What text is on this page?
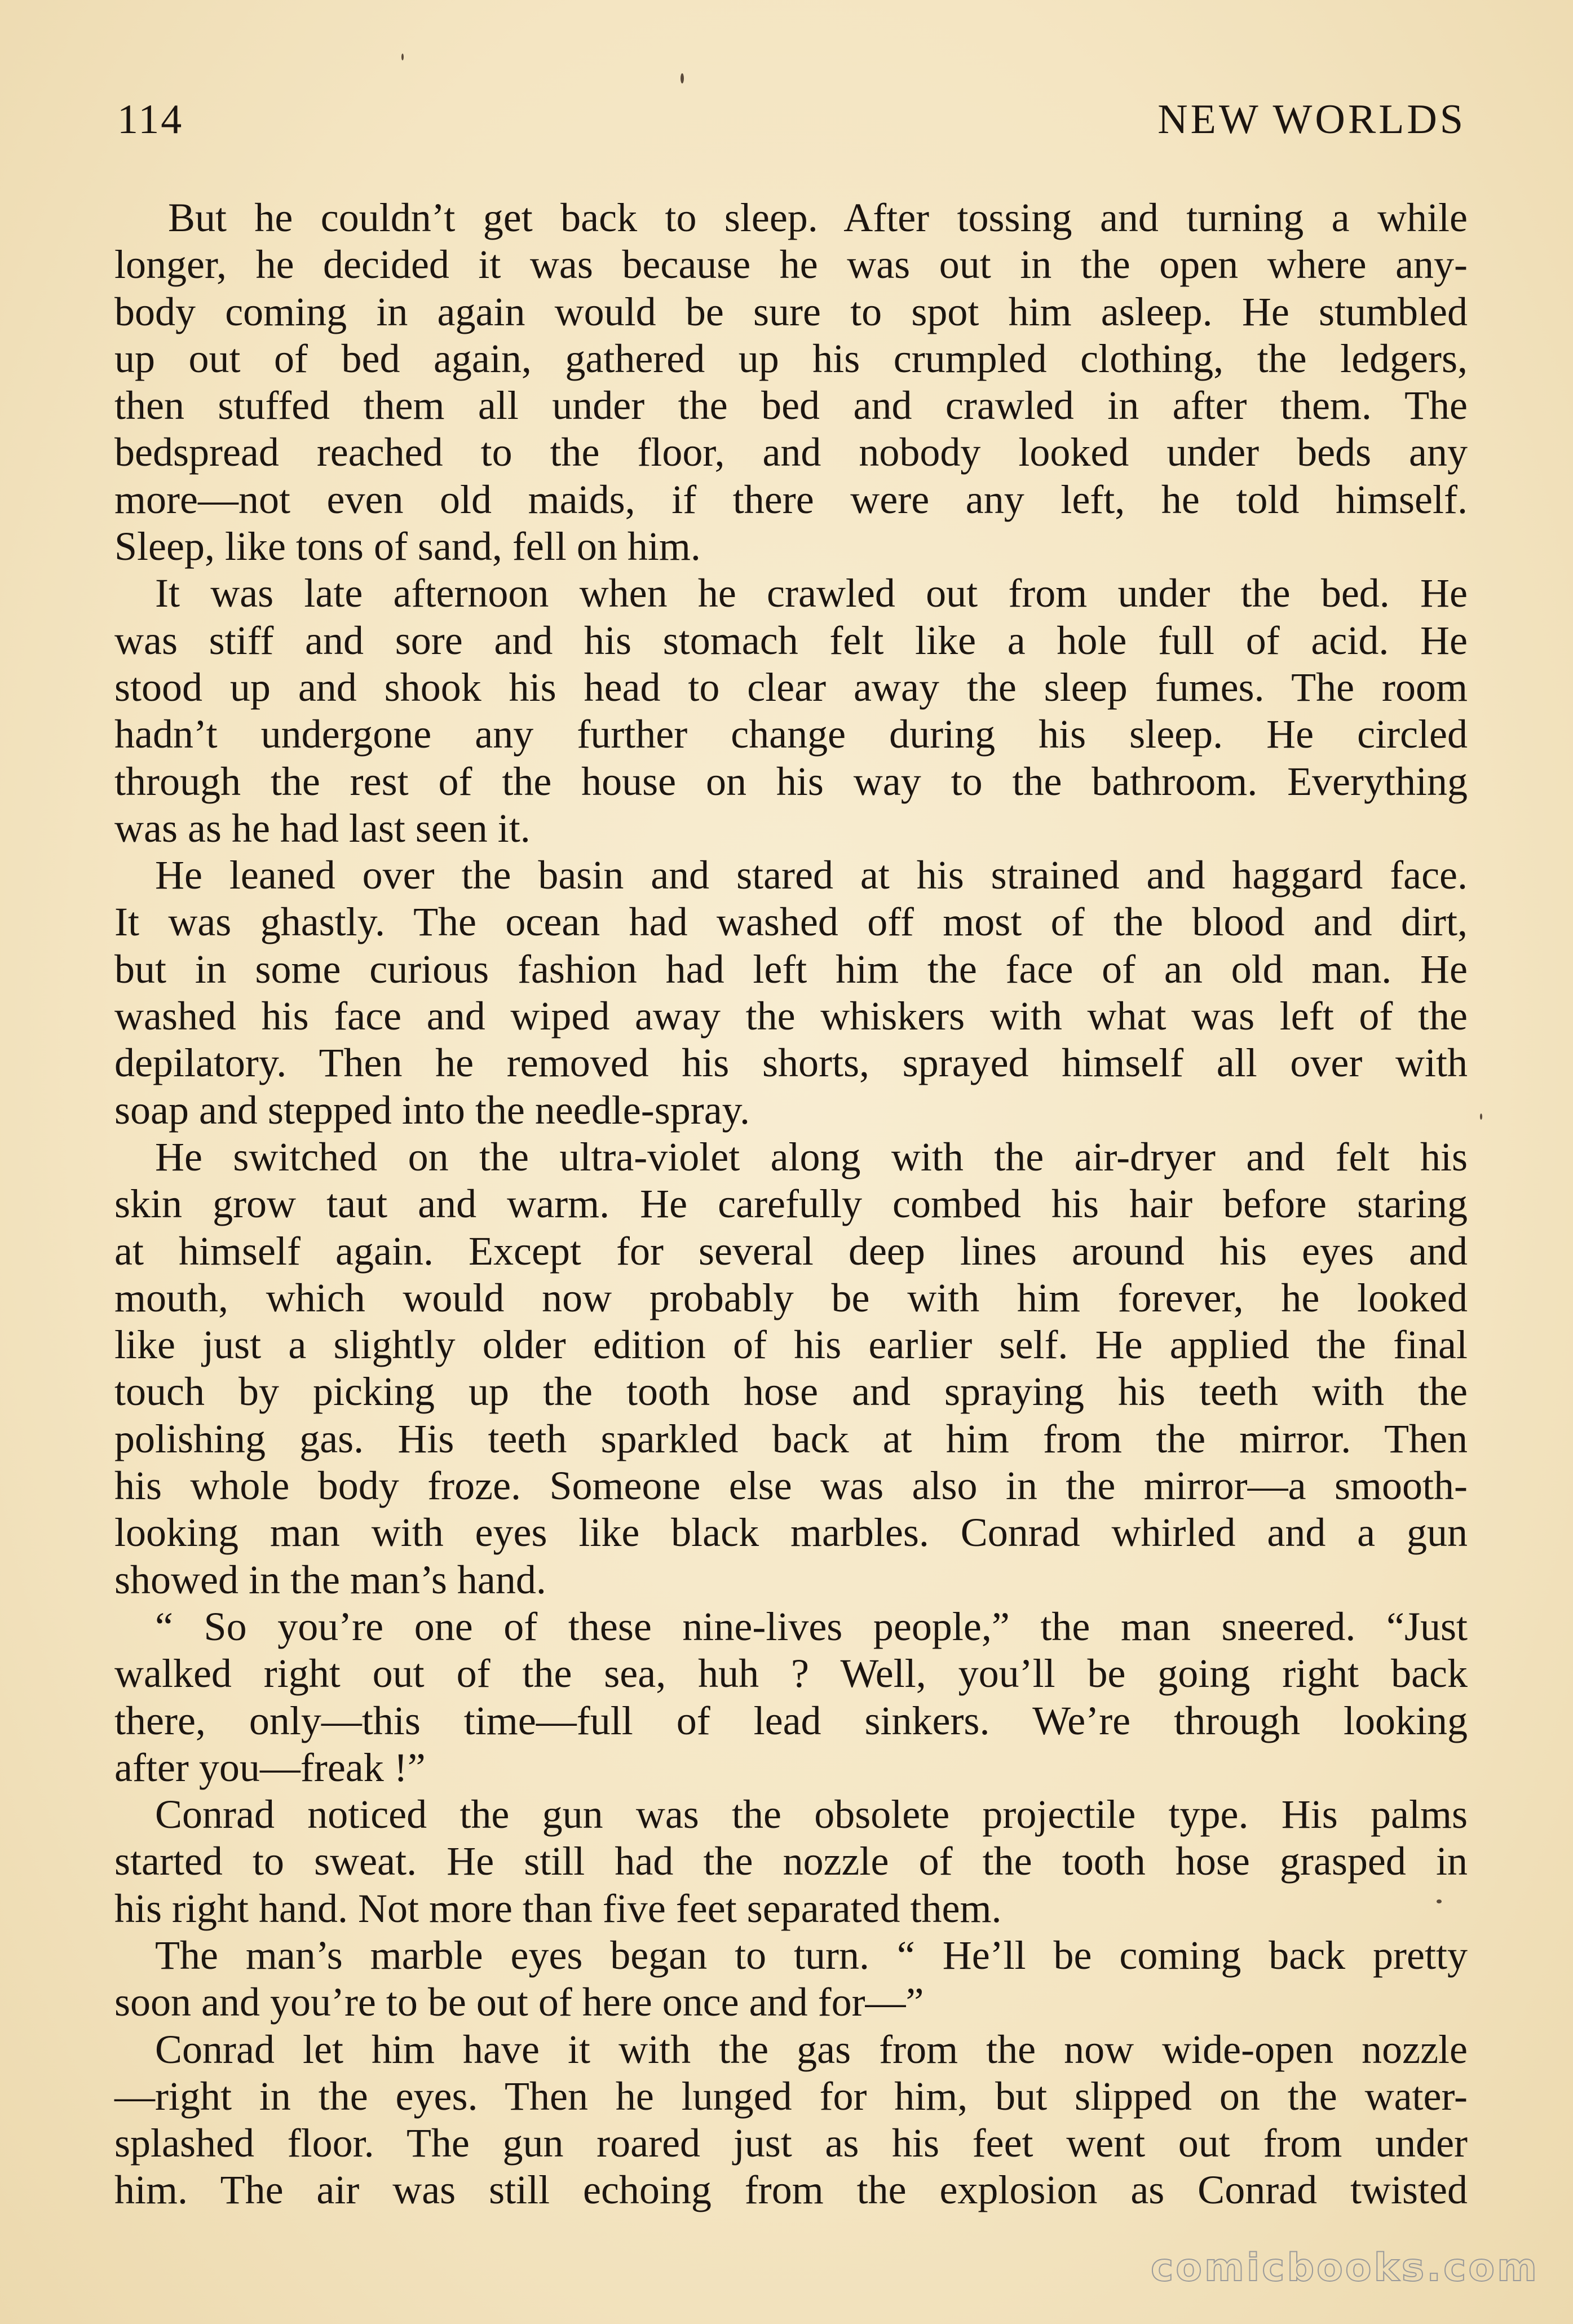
114	NEW WORLDS
But he couldn’t get back to sleep. After tossing and turning a while
longer, he decided it was because he was out in the open where any-
body coming in again would be sure to spot him asleep. He stumbled
up out of bed again, gathered up his crumpled clothing, the ledgers,
then stuffed them all under the bed and crawled in after them. The
bedspread reached to the floor, and nobody looked under beds any
more—not even old maids, if there were any left, he told himself.
Sleep, like tons of sand, fell on him.
It was late afternoon when he crawled out from under the bed. He
was stiff and sore and his stomach felt like a hole full of acid. He
stood up and shook his head to clear away the sleep fumes. The room
hadn’t undergone any further change during his sleep. He circled
through the rest of the house on his way to the bathroom. Everything
was as he had last seen it.
He leaned over the basin and stared at his strained and haggard face.
It was ghastly. The ocean had washed off most of the blood and dirt,
but in some curious fashion had left him the face of an old man. He
washed his face and wiped away the whiskers with what was left of the
depilatory. Then he removed his shorts, sprayed himself all over with
soap and stepped into the needle-spray.
He switched on the ultra-violet along with the air-dryer and felt his
skin grow taut and warm. He carefully combed his hair before staring
at himself again. Except for several deep lines around his eyes and
mouth, which would now probably be with him forever, he looked
like just a slightly older edition of his earlier self. He applied the final
touch by picking up the tooth hose and spraying his teeth with the
polishing gas. His teeth sparkled back at him from the mirror. Then
his whole body froze. Someone else was also in the mirror—a smooth-
looking man with eyes like black marbles. Conrad whirled and a gun
showed in the man’s hand.
“ So you’re one of these nine-lives people,” the man sneered. “Just
walked right out of the sea, huh ? Well, you’ll be going right back
there, only—this time—full of lead sinkers. We’re through looking
after you—freak !”
Conrad noticed the gun was the obsolete projectile type. His palms
started to sweat. He still had the nozzle of the tooth hose grasped in
his right hand. Not more than five feet separated them.
The man’s marble eyes began to turn. “ He’ll be coming back pretty
soon and you’re to be out of here once and for—”
Conrad let him have it with the gas from the now wide-open nozzle
—right in the eyes. Then he lunged for him, but slipped on the water-
splashed floor. The gun roared just as his feet went out from under
him. The air was still echoing from the explosion as Conrad twisted
comicbooks.com
